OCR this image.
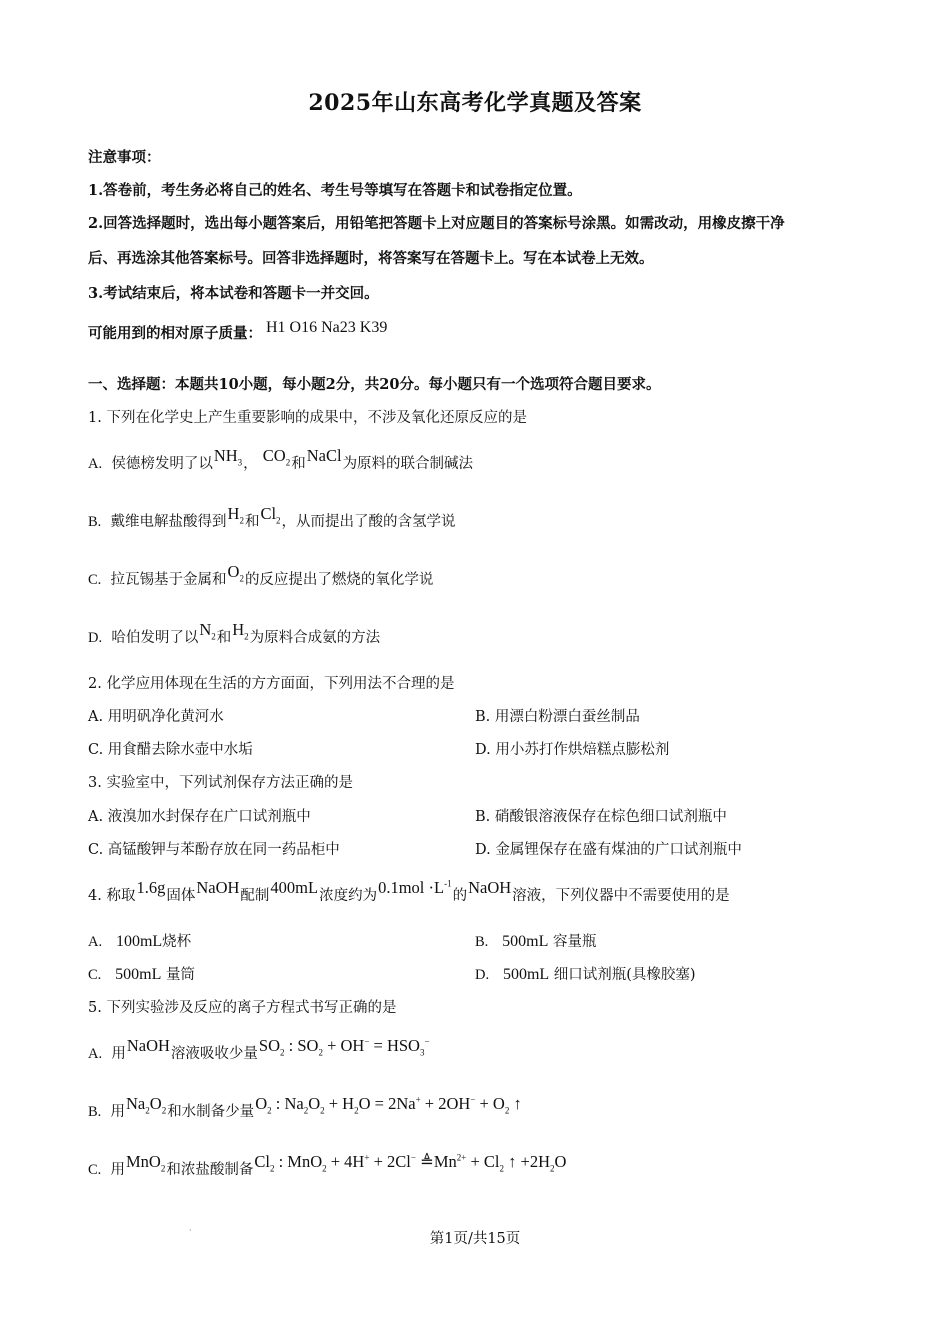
2025年山东高考化学真题及答案
注意事项：
1.答卷前，考生务必将自己的姓名、考生号等填写在答题卡和试卷指定位置。
2.回答选择题时，选出每小题答案后，用铅笔把答题卡上对应题目的答案标号涂黑。如需改动，用橡皮擦干净
后、再选涂其他答案标号。回答非选择题时，将答案写在答题卡上。写在本试卷上无效。
3.考试结束后，将本试卷和答题卡一并交回。
可能用到的相对原子质量： H1 O16 Na23 K39
一、选择题：本题共10小题，每小题2分，共20分。每小题只有一个选项符合题目要求。
1. 下列在化学史上产生重要影响的成果中，不涉及氧化还原反应的是
A. 侯德榜发明了以$NH_3$， $CO_2$和NaCl为原料的联合制碱法
B. 戴维电解盐酸得到$H_2$和$Cl_2$，从而提出了酸的含氢学说
C. 拉瓦锡基于金属和$O_2$的反应提出了燃烧的氧化学说
D. 哈伯发明了以$N_2$和$H_2$为原料合成氨的方法
2. 化学应用体现在生活的方方面面，下列用法不合理的是
A. 用明矾净化黄河水	B. 用漂白粉漂白蚕丝制品
C. 用食醋去除水壶中水垢	D. 用小苏打作烘焙糕点膨松剂
3. 实验室中，下列试剂保存方法正确的是
A. 液溴加水封保存在广口试剂瓶中	B. 硝酸银溶液保存在棕色细口试剂瓶中
C. 高锰酸钾与苯酚存放在同一药品柜中	D. 金属锂保存在盛有煤油的广口试剂瓶中
4. 称取1.6g固体NaOH配制400mL浓度约为$0.1mol \cdot L^{-1}$的NaOH溶液，下列仪器中不需要使用的是
A. 100mL烧杯	B. 500mL 容量瓶
C. 500mL 量筒	D. 500mL 细口试剂瓶(具橡胶塞)
5. 下列实验涉及反应的离子方程式书写正确的是
A. 用NaOH溶液吸收少量$SO_2$ : $SO_2 + OH^- = HSO_3^-$
B. 用$Na_2O_2$和水制备少量$O_2$ : $Na_2O_2 + H_2O = 2Na^+ + 2OH^- + O_2$ ↑
C. 用MnO$_2$和浓盐酸制备$Cl_2$ : MnO$_2$ + 4H+ + 2Cl− $≜Mn^{2+} + Cl_2$ ↑ $+2H_2O$
·
第1页/共15页
